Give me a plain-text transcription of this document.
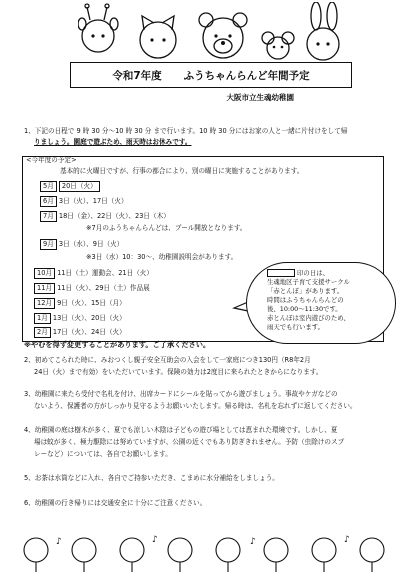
令和7年度 ふうちゃんらんど年間予定
大阪市立生魂幼稚園
1、下記の日程で 9 時 30 分～10 時 30 分 まで行います。10 時 30 分にはお家の人と一緒に片付けをして帰
りましょう。園庭で遊ぶため、雨天時はお休みです。
<今年度の予定>
基本的に火曜日ですが、行事の都合により、別の曜日に実施することがあります。
5月 20日（火）
6月 3日（火）、17日（火）
7月 18日（金）、22日（火）、23日（木）
※7月のふうちゃんらんどは、プール開放となります。
9月 3日（水）、9日（火）
※3日（水）10：30～、幼稚園説明会があります。
10月 11日（土）運動会、21日（火）
11月 11日（火）、29日（土）作品展
12月 9日（火）、15日（月）
1月 13日（火）、20日（火）
2月 17日（火）、24日（火）
※やむを得ず変更することがあります。ご了承ください。
印の日は、
生魂地区子育て支援サークル
「赤とんぼ」があります。
時間はふうちゃんらんどの
後、10:00～11:30です。
赤とんぼは室内遊びのため、
雨天でも行います。
2、初めてこられた時に、みおつくし親子安全互助会の入会をして一家庭につき130円（R8年2月
24日（火）まで有効）をいただいています。保険の効力は2度目に来られたときからになります。
3、幼稚園に来たら受付で名札を付け、出席カードにシールを貼ってから遊びましょう。事故やケガなどの
ないよう、保護者の方がしっかり見守るようお願いいたします。帰る時は、名札を忘れずに返してください。
4、幼稚園の庭は樹木が多く、夏でも涼しい木陰は子どもの遊び場としては恵まれた環境です。しかし、夏
場は蚊が多く、極力駆除には努めていますが、公園の近くでもあり防ぎきれません。予防（虫除けのスプ
レーなど）については、各自でお願いします。
5、お茶は水筒などに入れ、各自でご持参いただき、こまめに水分補給をしましょう。
6、幼稚園の行き帰りには交通安全に十分にご注意ください。
♪	♪	♪	♪
